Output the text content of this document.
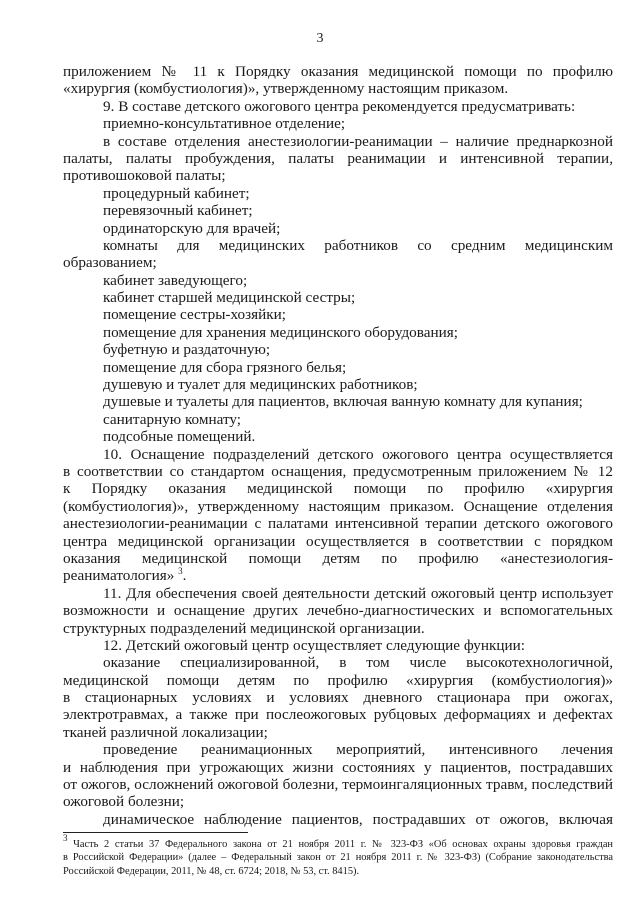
3
приложением № 11 к Порядку оказания медицинской помощи по профилю
«хирургия (комбустиология)», утвержденному настоящим приказом.
9. В составе детского ожогового центра рекомендуется предусматривать:
приемно-консультативное отделение;
в составе отделения анестезиологии-реанимации – наличие преднаркозной
палаты, палаты пробуждения, палаты реанимации и интенсивной терапии,
противошоковой палаты;
процедурный кабинет;
перевязочный кабинет;
ординаторскую для врачей;
комнаты для медицинских работников со средним медицинским
образованием;
кабинет заведующего;
кабинет старшей медицинской сестры;
помещение сестры-хозяйки;
помещение для хранения медицинского оборудования;
буфетную и раздаточную;
помещение для сбора грязного белья;
душевую и туалет для медицинских работников;
душевые и туалеты для пациентов, включая ванную комнату для купания;
санитарную комнату;
подсобные помещений.
10. Оснащение подразделений детского ожогового центра осуществляется
в соответствии со стандартом оснащения, предусмотренным приложением № 12
к Порядку оказания медицинской помощи по профилю «хирургия
(комбустиология)», утвержденному настоящим приказом. Оснащение отделения
анестезиологии-реанимации с палатами интенсивной терапии детского ожогового
центра медицинской организации осуществляется в соответствии с порядком
оказания медицинской помощи детям по профилю «анестезиология-
реаниматология» $^3$.
11. Для обеспечения своей деятельности детский ожоговый центр использует
возможности и оснащение других лечебно-диагностических и вспомогательных
структурных подразделений медицинской организации.
12. Детский ожоговый центр осуществляет следующие функции:
оказание специализированной, в том числе высокотехнологичной,
медицинской помощи детям по профилю «хирургия (комбустиология)»
в стационарных условиях и условиях дневного стационара при ожогах,
электротравмах, а также при послеожоговых рубцовых деформациях и дефектах
тканей различной локализации;
проведение реанимационных мероприятий, интенсивного лечения
и наблюдения при угрожающих жизни состояниях у пациентов, пострадавших
от ожогов, осложнений ожоговой болезни, термоингаляционных травм, последствий
ожоговой болезни;
динамическое наблюдение пациентов, пострадавших от ожогов, включая
$^3$ Часть 2 статьи 37 Федерального закона от 21 ноября 2011 г. № 323-ФЗ «Об основах охраны здоровья граждан
в Российской Федерации» (далее – Федеральный закон от 21 ноября 2011 г. № 323-ФЗ) (Собрание законодательства
Российской Федерации, 2011, № 48, ст. 6724; 2018, № 53, ст. 8415).
